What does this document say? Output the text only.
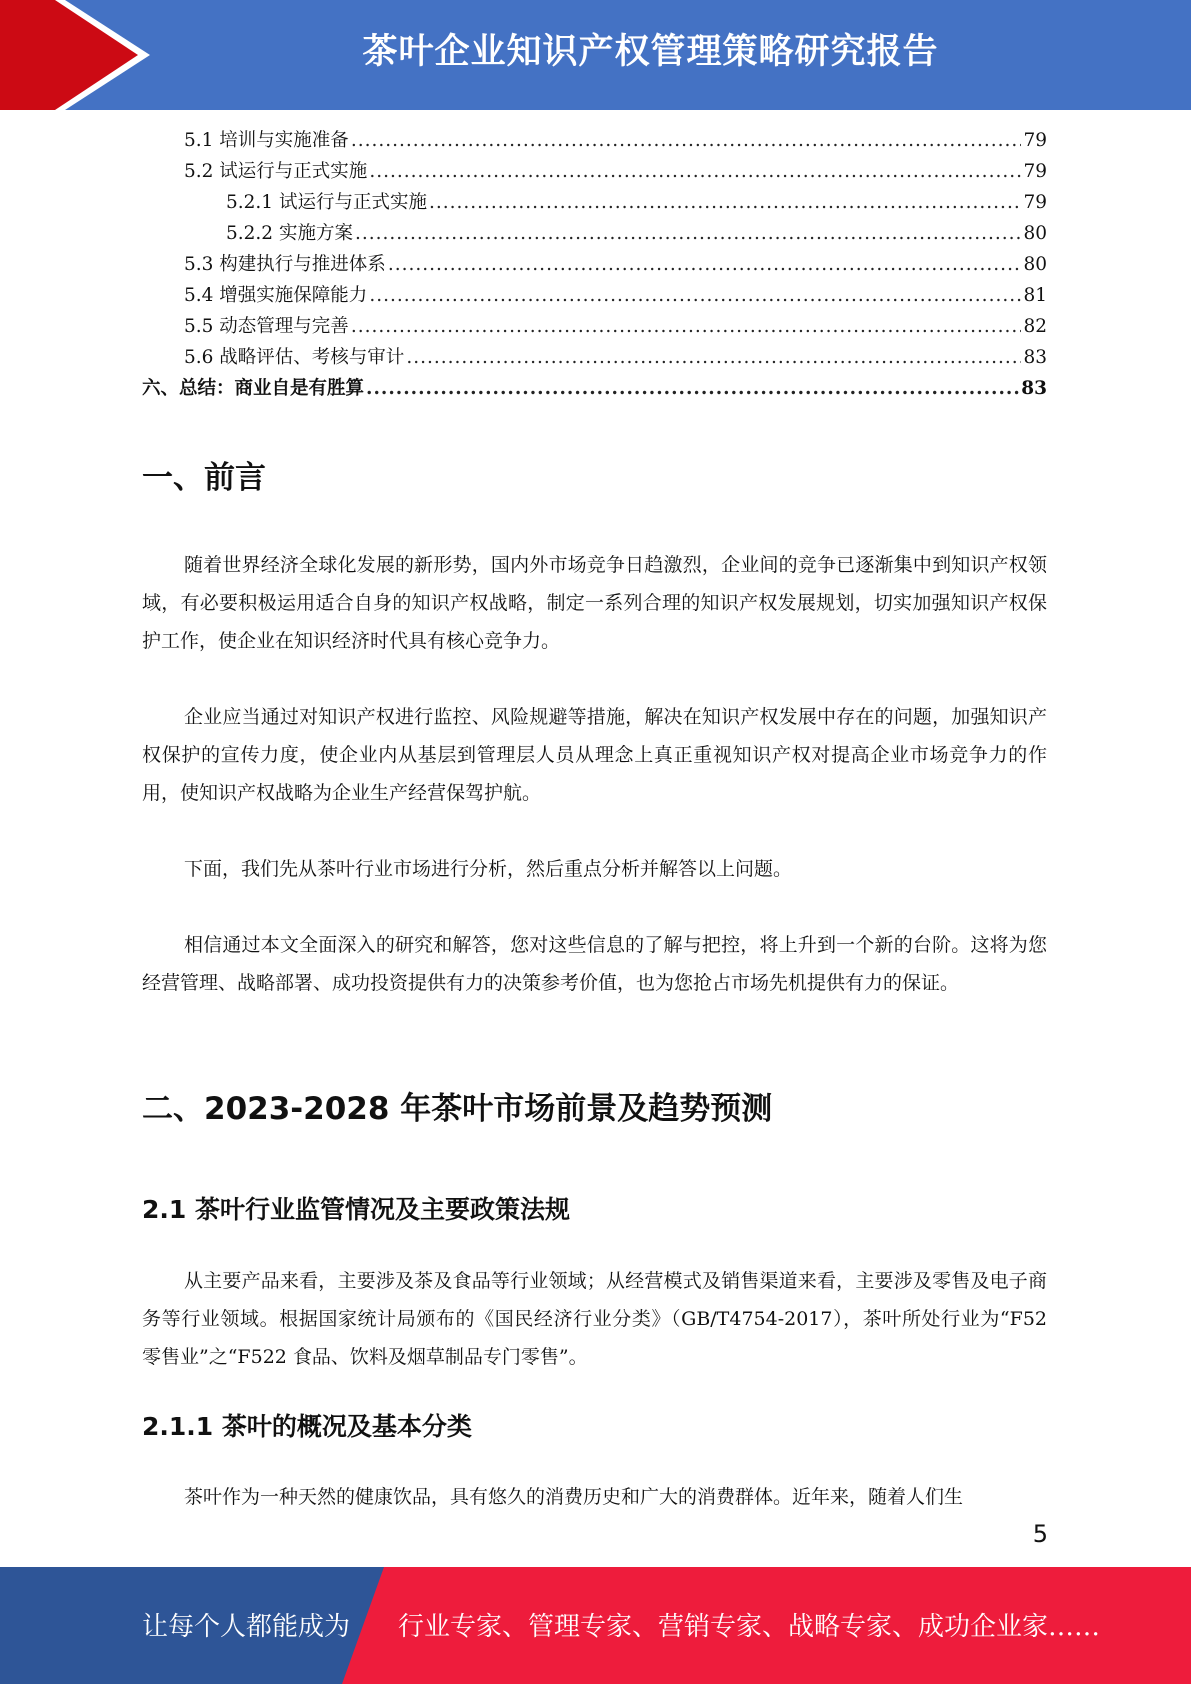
茶叶企业知识产权管理策略研究报告
5.1 培训与实施准备 .....	79
5.2 试运行与正式实施 .....	79
5.2.1 试运行与正式实施 .....	79
5.2.2 实施方案 .....	80
5.3 构建执行与推进体系 .....	80
5.4 增强实施保障能力 .....	81
5.5 动态管理与完善 .....	82
5.6 战略评估、考核与审计 .....	83
六、总结：商业自是有胜算 .....	83
一、前言

随着世界经济全球化发展的新形势，国内外市场竞争日趋激烈，企业间的竞争已逐渐集中到知识产权领域，有必要积极运用适合自身的知识产权战略，制定一系列合理的知识产权发展规划，切实加强知识产权保护工作，使企业在知识经济时代具有核心竞争力。

企业应当通过对知识产权进行监控、风险规避等措施，解决在知识产权发展中存在的问题，加强知识产权保护的宣传力度，使企业内从基层到管理层人员从理念上真正重视知识产权对提高企业市场竞争力的作用，使知识产权战略为企业生产经营保驾护航。

下面，我们先从茶叶行业市场进行分析，然后重点分析并解答以上问题。

相信通过本文全面深入的研究和解答，您对这些信息的了解与把控，将上升到一个新的台阶。这将为您经营管理、战略部署、成功投资提供有力的决策参考价值，也为您抢占市场先机提供有力的保证。

二、2023-2028 年茶叶市场前景及趋势预测
2.1 茶叶行业监管情况及主要政策法规

从主要产品来看，主要涉及茶及食品等行业领域；从经营模式及销售渠道来看，主要涉及零售及电子商务等行业领域。根据国家统计局颁布的《国民经济行业分类》（GB/T4754-2017），茶叶所处行业为“F52 零售业”之“F522 食品、饮料及烟草制品专门零售”。

2.1.1 茶叶的概况及基本分类

茶叶作为一种天然的健康饮品，具有悠久的消费历史和广大的消费群体。近年来，随着人们生

5
让每个人都能成为 行业专家、管理专家、营销专家、战略专家、成功企业家……
